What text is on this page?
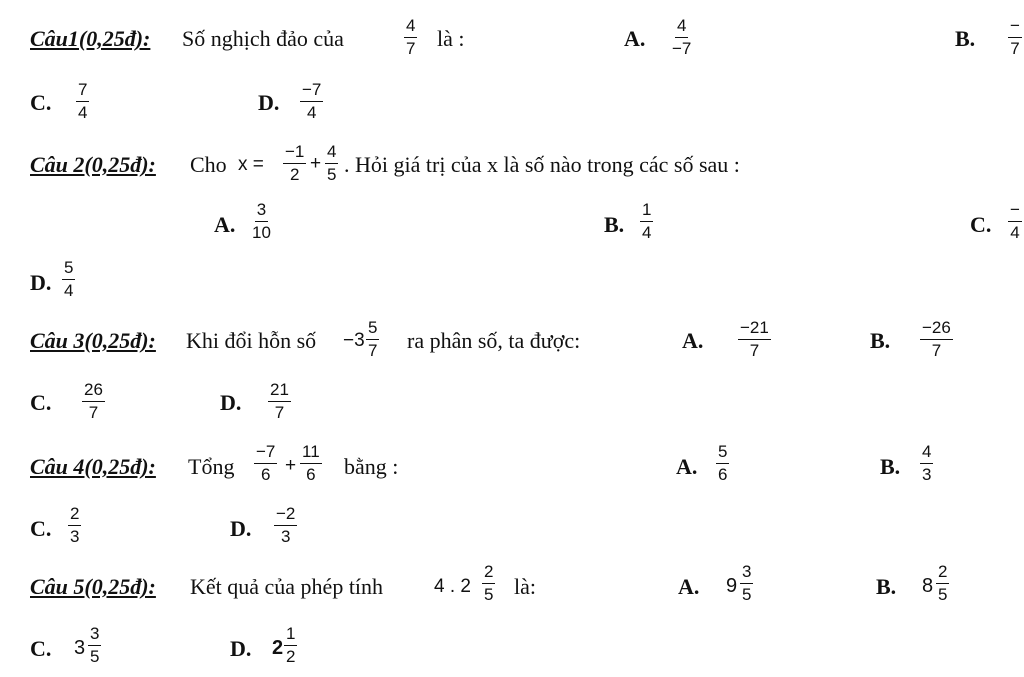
Câu1(0,25đ): Số nghịch đảo của	$\frac{4}{7}$ là :	A. $\frac{4}{-7}$	B.
−
7
C. $\frac{7}{4}$	D. $\frac{-7}{4}$
Câu 2(0,25đ): Cho $x = \frac{-1}{2} + \frac{4}{5}$ . Hỏi giá trị của x là số nào trong các số sau :
A. $\frac{3}{10}$	B. $\frac{1}{4}$	C.
−
4
D. $\frac{5}{4}$
Câu 3(0,25đ): Khi đổi hỗn số $-3 \frac{5}{7}$ ra phân số, ta được:	A. $\frac{-21}{7}$	B. $\frac{-26}{7}$
C. $\frac{26}{7}$	D. $\frac{21}{7}$
Câu 4(0,25đ): Tổng $\frac{-7}{6} + \frac{11}{6}$ bằng :	A. $\frac{5}{6}$	B. $\frac{4}{3}$
C. $\frac{2}{3}$	D. $\frac{-2}{3}$
Câu 5(0,25đ): Kết quả của phép tính	4 . $2 \frac{2}{5}$ là:	A. $9 \frac{3}{5}$	B. $8 \frac{2}{5}$
C. $3 \frac{3}{5}$	D. $2 \frac{1}{2}$
